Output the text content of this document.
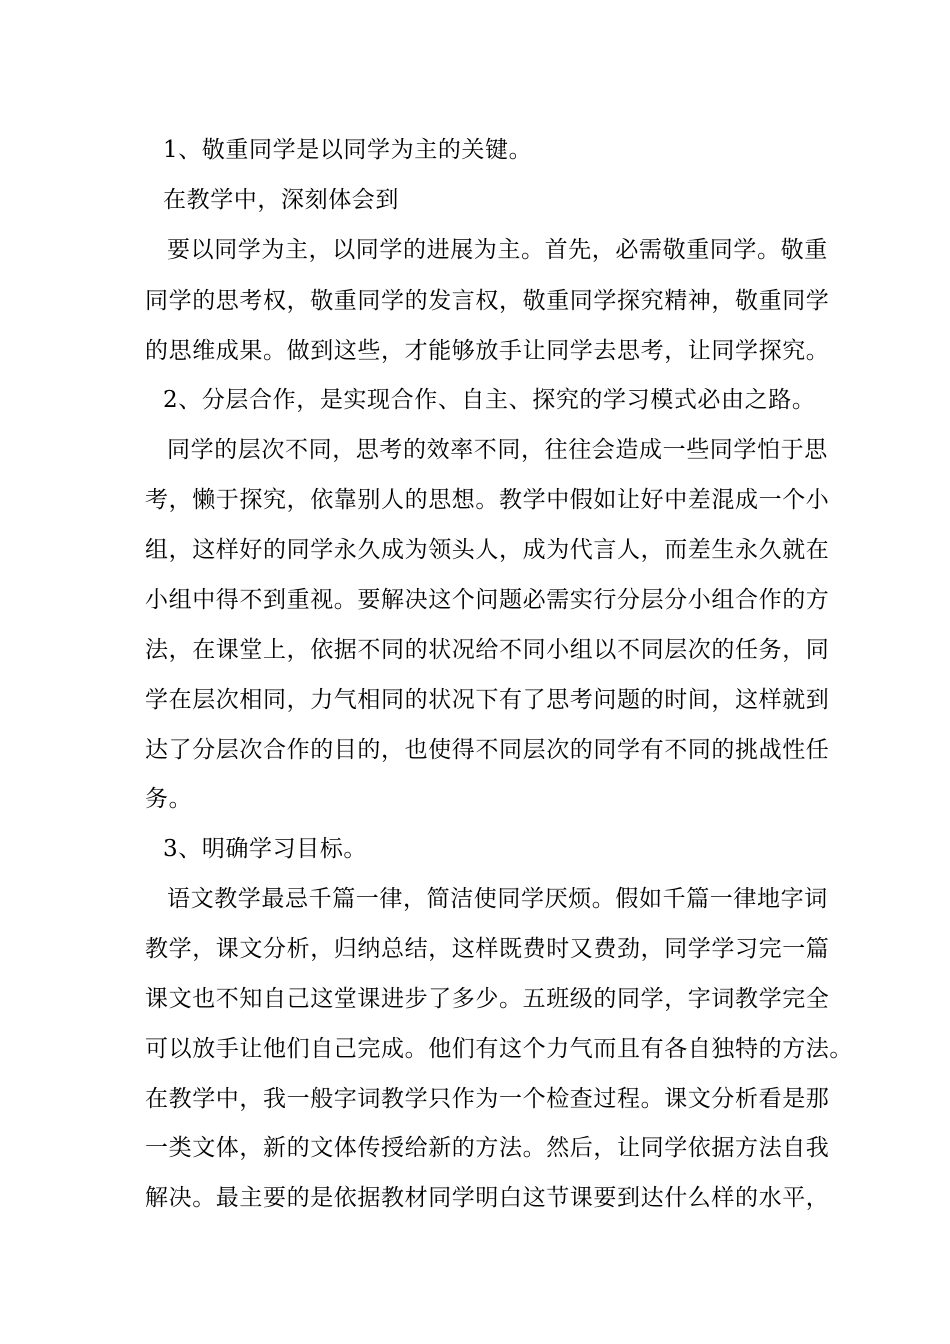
1、敬重同学是以同学为主的关键。
在教学中，深刻体会到
要以同学为主，以同学的进展为主。首先，必需敬重同学。敬重
同学的思考权，敬重同学的发言权，敬重同学探究精神，敬重同学
的思维成果。做到这些，才能够放手让同学去思考，让同学探究。
2、分层合作，是实现合作、自主、探究的学习模式必由之路。
同学的层次不同，思考的效率不同，往往会造成一些同学怕于思
考，懒于探究，依靠别人的思想。教学中假如让好中差混成一个小
组，这样好的同学永久成为领头人，成为代言人，而差生永久就在
小组中得不到重视。要解决这个问题必需实行分层分小组合作的方
法，在课堂上，依据不同的状况给不同小组以不同层次的任务，同
学在层次相同，力气相同的状况下有了思考问题的时间，这样就到
达了分层次合作的目的，也使得不同层次的同学有不同的挑战性任
务。
3、明确学习目标。
语文教学最忌千篇一律，简洁使同学厌烦。假如千篇一律地字词
教学，课文分析，归纳总结，这样既费时又费劲，同学学习完一篇
课文也不知自己这堂课进步了多少。五班级的同学，字词教学完全
可以放手让他们自己完成。他们有这个力气而且有各自独特的方法。
在教学中，我一般字词教学只作为一个检查过程。课文分析看是那
一类文体，新的文体传授给新的方法。然后，让同学依据方法自我
解决。最主要的是依据教材同学明白这节课要到达什么样的水平，
